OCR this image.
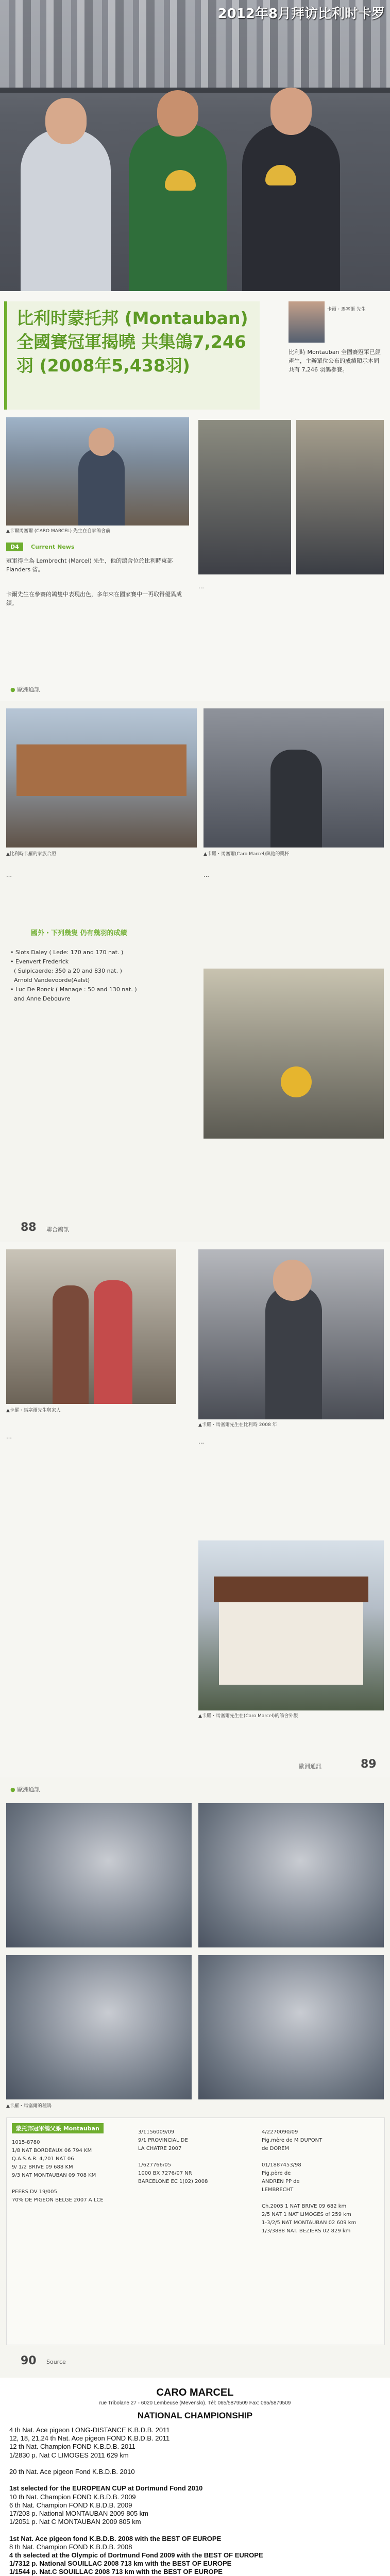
2012年8月拜访比利时卡罗
比利时蒙托邦 (Montauban) 全國賽冠軍揭曉 共集鴿7,246羽 (2008年5,438羽)
卡爾・馬塞爾 先生
比利時 Montauban 全國賽冠軍已經產生，主辦單位公布的成績顯示本屆共有 7,246 羽鴿參賽。
▲卡爾馬塞爾 (CARO MARCEL) 先生在自家鴿舍前
D4	Current News
冠軍得主為 Lembrecht (Marcel) 先生，他的鴿舍位於比利時東部 Flanders 省。
卡爾先生在參賽的鴿隻中表現出色，多年來在國家賽中一再取得優異成績。
…
● 歐洲通訊
▲比利時卡羅的家族合照	▲卡羅・馬塞爾(Caro Marcel)與他的獎杯
…
國外・下列幾隻 仍有幾羽的成績
• Slots Daley ( Lede: 170 and 170 nat. )
• Evenvert Frederick
( Sulpicaerde: 350 a 20 and 830 nat. )
Arnold Vandevoorde(Aalst)
• Luc De Ronck ( Manage : 50 and 130 nat. )
and Anne Debouvre
…
88 聯合鴿訊
▲卡羅・馬塞爾先生與家人
▲卡羅・馬塞爾先生在比利時 2008 年
…
…
▲卡羅・馬塞爾先生在(Caro Marcel)的鴿舍外觀
歐洲通訊	89
● 歐洲通訊
▲卡羅・馬塞爾的種鴿
蒙托邦冠軍鴿父系 Montauban
1015-8780
1/8 NAT BORDEAUX 06 794 KM
Q.A.S.A.R. 4,201 NAT 06
9/ 1/2 BRIVE 09 688 KM
9/3 NAT MONTAUBAN 09 708 KM

PEERS DV 19/005
70% DE PIGEON BELGE 2007 A LCE
3/1156009/09
9/1 PROVINCIAL DE
LA CHATRE 2007

1/627766/05
1000 BX 7276/07 NR
BARCELONE EC 1(02) 2008
4/2270090/09
Pig.mère de M DUPONT
de DOREM

01/1887453/98
Pig.père de
ANDREN PP de
LEMBRECHT

Ch.2005 1 NAT BRIVE 09 682 km
2/5 NAT 1 NAT LIMOGES of 259 km
1-3/2/5 NAT MONTAUBAN 02 609 km
1/3/3888 NAT. BEZIERS 02 829 km
90 Source
CARO MARCEL
rue Tribolane 27 - 6020 Lembeuse (Mevenslo). Tél: 065/5879509 Fax: 065/5879509
NATIONAL CHAMPIONSHIP
4 th Nat. Ace pigeon LONG-DISTANCE K.B.D.B. 2011
12, 18, 21,24 th Nat. Ace pigeon FOND K.B.D.B. 2011
12 th Nat. Champion FOND K.B.D.B. 2011
1/2830 p. Nat C LIMOGES 2011 629 km
20 th Nat. Ace pigeon Fond K.B.D.B. 2010
1st selected for the EUROPEAN CUP at Dortmund Fond 2010
10 th Nat. Champion FOND K.B.D.B. 2009
6 th Nat. Champion FOND K.B.D.B. 2009
17/203 p. National MONTAUBAN 2009 805 km
1/2051 p. Nat C MONTAUBAN 2009 805 km
1st Nat. Ace pigeon fond K.B.D.B. 2008 with the BEST OF EUROPE
8 th Nat. Champion FOND K.B.D.B. 2008
4 th selected at the Olympic of Dortmund Fond 2009 with the BEST OF EUROPE
1/7312 p. National SOUILLAC 2008 713 km with the BEST OF EUROPE
1/1544 p. Nat.C SOUILLAC 2008 713 km with the BEST OF EUROPE
